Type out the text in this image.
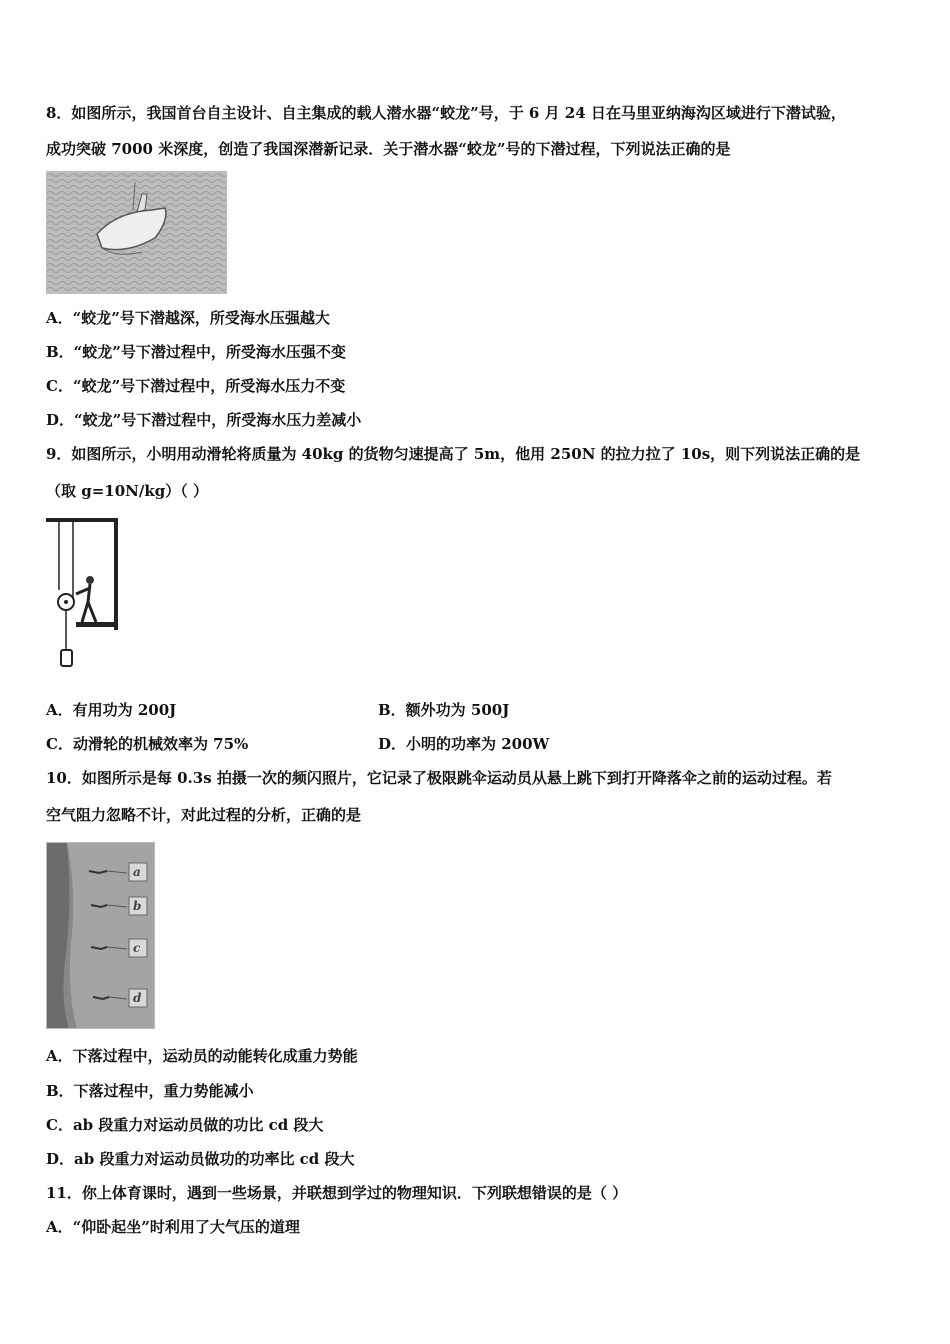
8．如图所示，我国首台自主设计、自主集成的载人潜水器“蛟龙”号，于 6 月 24 日在马里亚纳海沟区域进行下潜试验，
成功突破 7000 米深度，创造了我国深潜新记录．关于潜水器“蛟龙”号的下潜过程，下列说法正确的是
A．“蛟龙”号下潜越深，所受海水压强越大
B．“蛟龙”号下潜过程中，所受海水压强不变
C．“蛟龙”号下潜过程中，所受海水压力不变
D．“蛟龙”号下潜过程中，所受海水压力差减小
9．如图所示，小明用动滑轮将质量为 40kg 的货物匀速提高了 5m，他用 250N 的拉力拉了 10s，则下列说法正确的是
（取 g=10N/kg）（ ）
A．有用功为 200J	B．额外功为 500J
C．动滑轮的机械效率为 75%	D．小明的功率为 200W
10．如图所示是每 0.3s 拍摄一次的频闪照片，它记录了极限跳伞运动员从悬上跳下到打开降落伞之前的运动过程。若
空气阻力忽略不计，对此过程的分析，正确的是
a
b
c
d
A．下落过程中，运动员的动能转化成重力势能
B．下落过程中，重力势能减小
C．ab 段重力对运动员做的功比 cd 段大
D．ab 段重力对运动员做功的功率比 cd 段大
11．你上体育课时，遇到一些场景，并联想到学过的物理知识．下列联想错误的是（ ）
A．“仰卧起坐”时利用了大气压的道理
